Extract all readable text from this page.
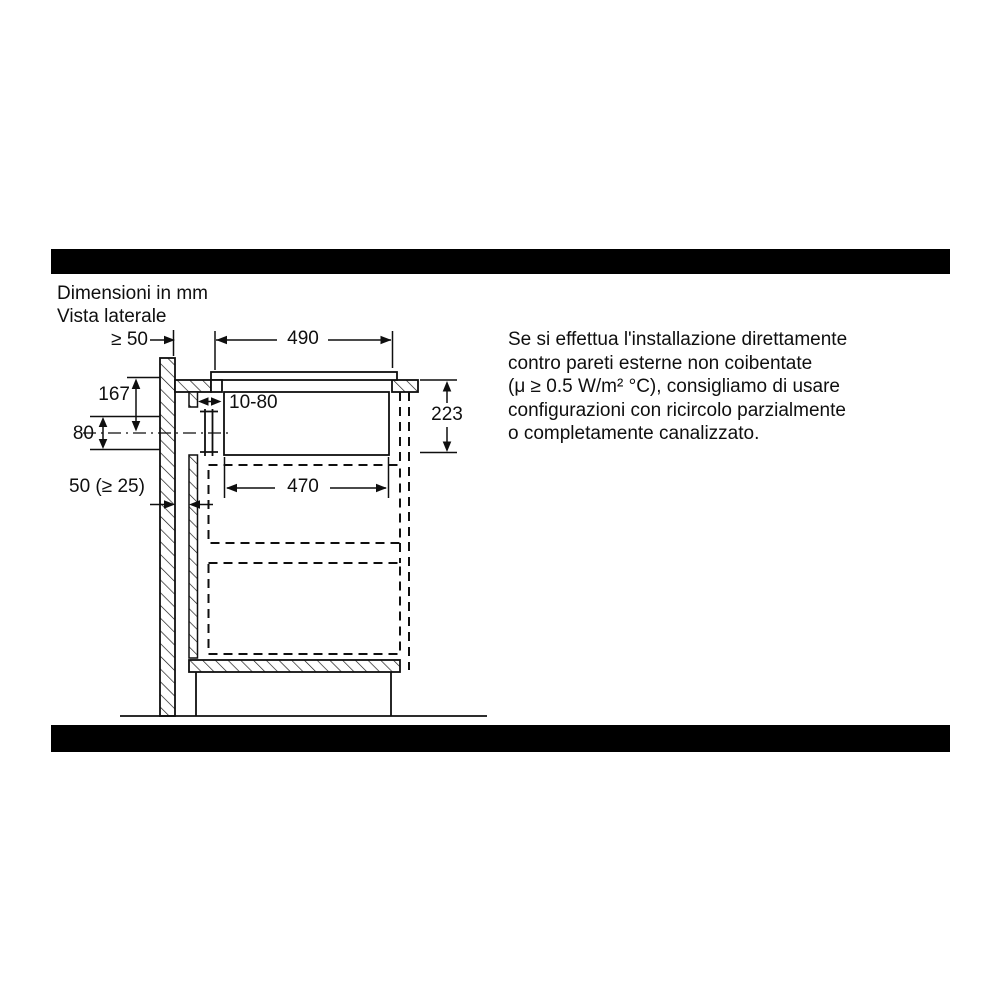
Dimensioni in mm
Vista laterale
Se si effettua l'installazione direttamente
contro pareti esterne non coibentate
(μ ≥ 0.5 W/m² °C), consigliamo di usare
configurazioni con ricircolo parzialmente
o completamente canalizzato.
≥ 50	490
167
80
10-80
470
223
50 (≥ 25)
